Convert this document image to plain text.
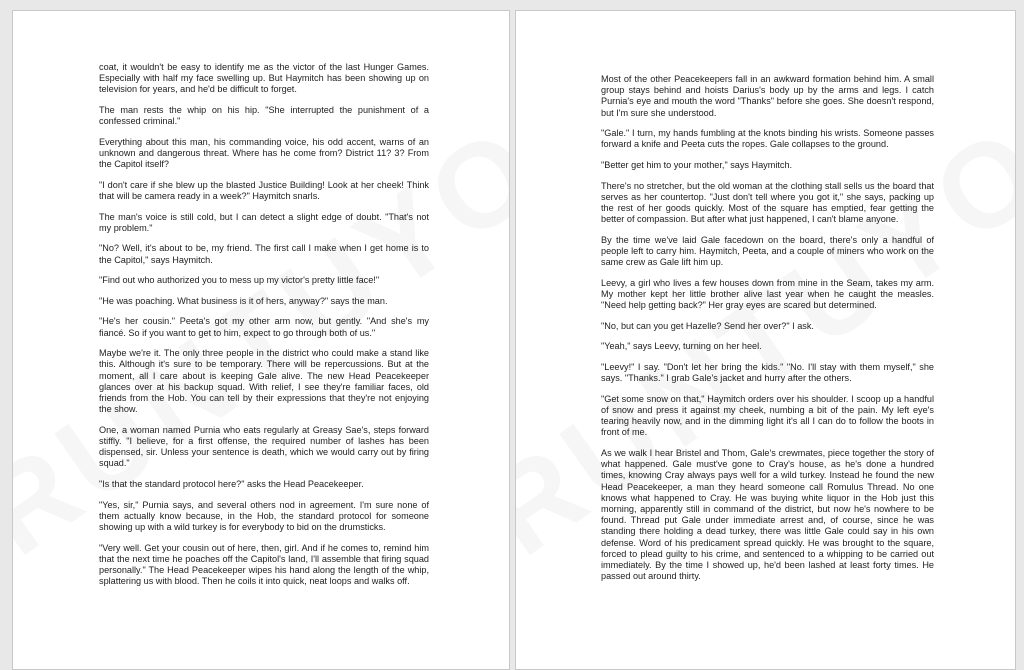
coat, it wouldn't be easy to identify me as the victor of the last Hunger Games. Especially with half my face swelling up. But Haymitch has been showing up on television for years, and he'd be difficult to forget.

The man rests the whip on his hip. "She interrupted the punishment of a confessed criminal."

Everything about this man, his commanding voice, his odd accent, warns of an unknown and dangerous threat. Where has he come from? District 11? 3? From the Capitol itself?

"I don't care if she blew up the blasted Justice Building! Look at her cheek! Think that will be camera ready in a week?" Haymitch snarls.

The man's voice is still cold, but I can detect a slight edge of doubt. "That's not my problem."

"No? Well, it's about to be, my friend. The first call I make when I get home is to the Capitol," says Haymitch.

"Find out who authorized you to mess up my victor's pretty little face!"

"He was poaching. What business is it of hers, anyway?" says the man.

"He's her cousin." Peeta's got my other arm now, but gently. "And she's my fiancé. So if you want to get to him, expect to go through both of us."

Maybe we're it. The only three people in the district who could make a stand like this. Although it's sure to be temporary. There will be repercussions. But at the moment, all I care about is keeping Gale alive. The new Head Peacekeeper glances over at his backup squad. With relief, I see they're familiar faces, old friends from the Hob. You can tell by their expressions that they're not enjoying the show.

One, a woman named Purnia who eats regularly at Greasy Sae's, steps forward stiffly. "I believe, for a first offense, the required number of lashes has been dispensed, sir. Unless your sentence is death, which we would carry out by firing squad."

"Is that the standard protocol here?" asks the Head Peacekeeper.

"Yes, sir," Purnia says, and several others nod in agreement. I'm sure none of them actually know because, in the Hob, the standard protocol for someone showing up with a wild turkey is for everybody to bid on the drumsticks.

"Very well. Get your cousin out of here, then, girl. And if he comes to, remind him that the next time he poaches off the Capitol's land, I'll assemble that firing squad personally." The Head Peacekeeper wipes his hand along the length of the whip, splattering us with blood. Then he coils it into quick, neat loops and walks off.

Most of the other Peacekeepers fall in an awkward formation behind him. A small group stays behind and hoists Darius's body up by the arms and legs. I catch Purnia's eye and mouth the word "Thanks" before she goes. She doesn't respond, but I'm sure she understood.

"Gale." I turn, my hands fumbling at the knots binding his wrists. Someone passes forward a knife and Peeta cuts the ropes. Gale collapses to the ground.

"Better get him to your mother," says Haymitch.

There's no stretcher, but the old woman at the clothing stall sells us the board that serves as her countertop. "Just don't tell where you got it," she says, packing up the rest of her goods quickly. Most of the square has emptied, fear getting the better of compassion. But after what just happened, I can't blame anyone.

By the time we've laid Gale facedown on the board, there's only a handful of people left to carry him. Haymitch, Peeta, and a couple of miners who work on the same crew as Gale lift him up.

Leevy, a girl who lives a few houses down from mine in the Seam, takes my arm. My mother kept her little brother alive last year when he caught the measles. "Need help getting back?" Her gray eyes are scared but determined.

"No, but can you get Hazelle? Send her over?" I ask.

"Yeah," says Leevy, turning on her heel.

"Leevy!" I say. "Don't let her bring the kids." "No. I'll stay with them myself," she says. "Thanks." I grab Gale's jacket and hurry after the others.

"Get some snow on that," Haymitch orders over his shoulder. I scoop up a handful of snow and press it against my cheek, numbing a bit of the pain. My left eye's tearing heavily now, and in the dimming light it's all I can do to follow the boots in front of me.

As we walk I hear Bristel and Thom, Gale's crewmates, piece together the story of what happened. Gale must've gone to Cray's house, as he's done a hundred times, knowing Cray always pays well for a wild turkey. Instead he found the new Head Peacekeeper, a man they heard someone call Romulus Thread. No one knows what happened to Cray. He was buying white liquor in the Hob just this morning, apparently still in command of the district, but now he's nowhere to be found. Thread put Gale under immediate arrest and, of course, since he was standing there holding a dead turkey, there was little Gale could say in his own defense. Word of his predicament spread quickly. He was brought to the square, forced to plead guilty to his crime, and sentenced to a whipping to be carried out immediately. By the time I showed up, he'd been lashed at least forty times. He passed out around thirty.
